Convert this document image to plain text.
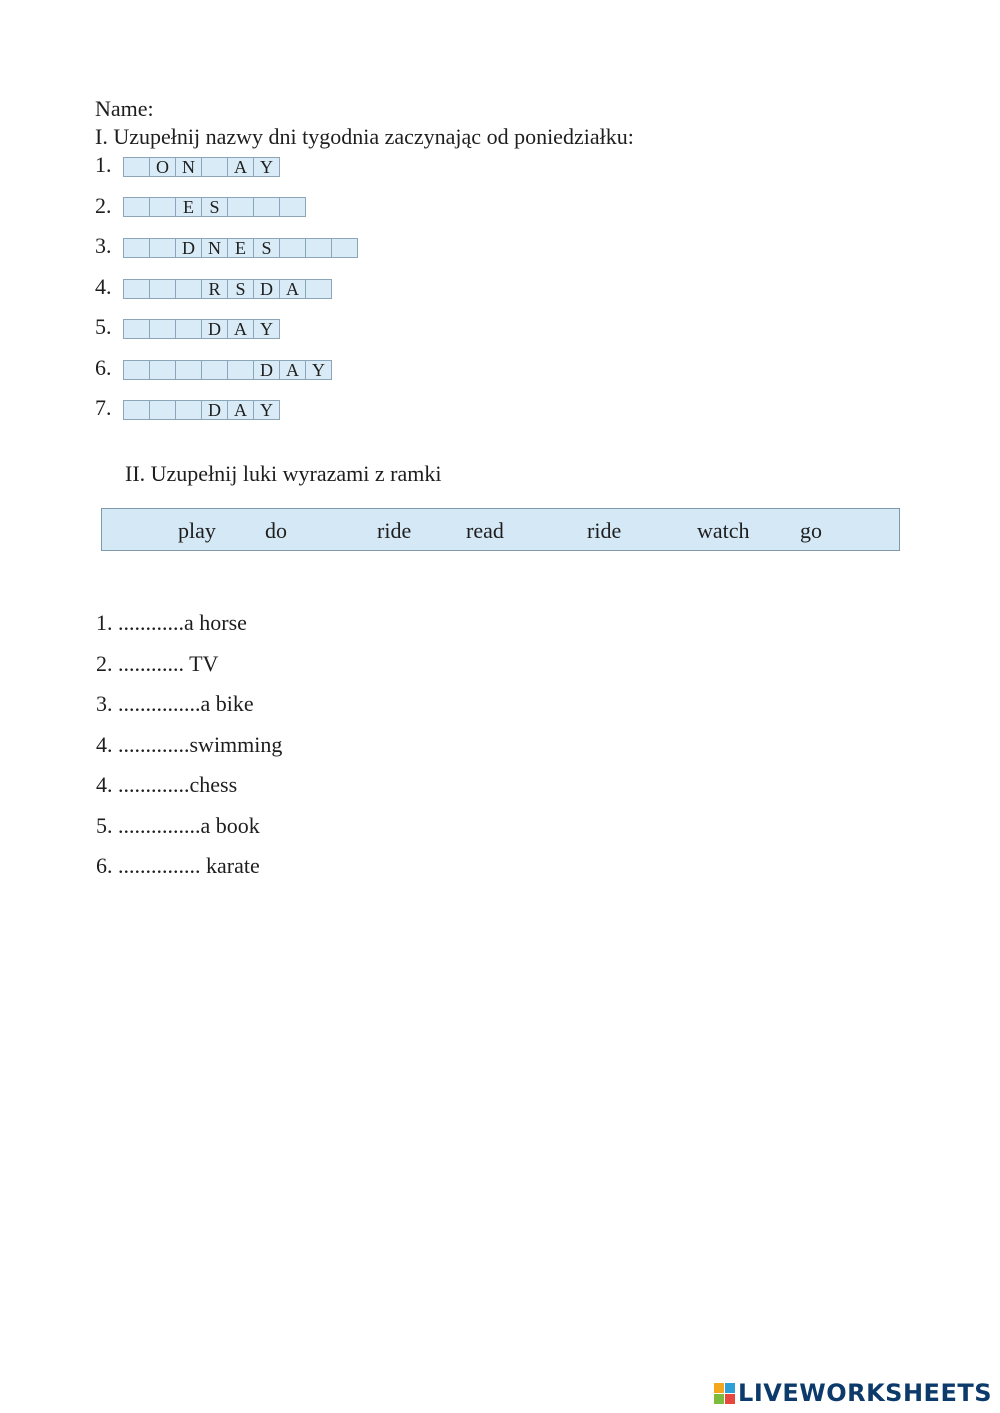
Name:
I. Uzupełnij nazwy dni tygodnia zaczynając od poniedziałku:
1.	O N	A Y
2.	E S
3.	D N E S
4.	R S D A
5.	D A Y
6.	D A Y
7.	D A Y
II. Uzupełnij luki wyrazami z ramki
play do	ride read	ride	watch go
1. ............a horse
2. ............ TV
3. ...............a bike
4. .............swimming
4. .............chess
5. ...............a book
6. ............... karate
LIVEWORKSHEETS
